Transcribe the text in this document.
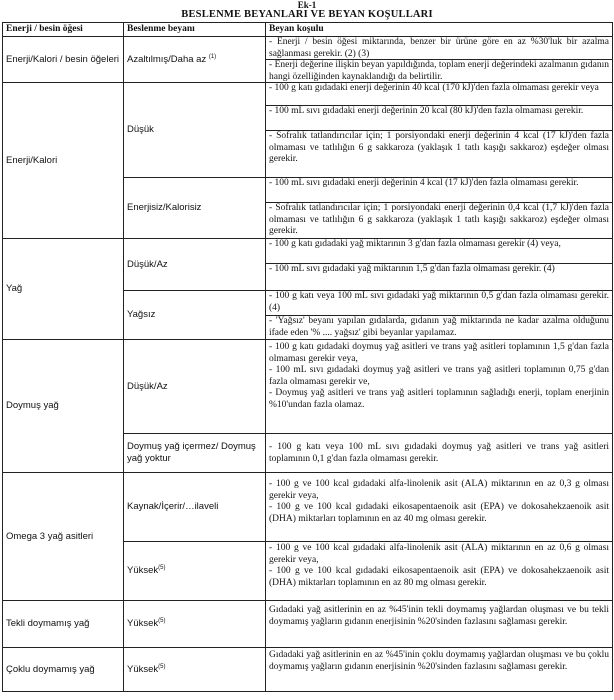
Ek-1
BESLENME BEYANLARI VE BEYAN KOŞULLARI
Enerji / besin öğesi	Beslenme beyanı	Beyan koşulu
Enerji/Kalori / besin öğeleri	Azaltılmış/Daha az $^{(1)}$	- Enerji / besin öğesi miktarında, benzer bir ürüne göre en az %30'luk bir azalma sağlanması gerekir. (2) (3)
- Enerji değerine ilişkin beyan yapıldığında, toplam enerji değerindeki azalmanın gıdanın hangi özelliğinden kaynaklandığı da belirtilir.

Enerji/Kalori	Düşük	- 100 g katı gıdadaki enerji değerinin 40 kcal (170 kJ)'den fazla olmaması gerekir veya
- 100 mL sıvı gıdadaki enerji değerinin 20 kcal (80 kJ)'den fazla olmaması gerekir.
- Sofralık tatlandırıcılar için; 1 porsiyondaki enerji değerinin 4 kcal (17 kJ)'den fazla olmaması ve tatlılığın 6 g sakkaroza (yaklaşık 1 tatlı kaşığı sakkaroz) eşdeğer olması gerekir.

	Enerjisiz/Kalorisiz	- 100 mL sıvı gıdadaki enerji değerinin 4 kcal (17 kJ)'den fazla olmaması gerekir.
- Sofralık tatlandırıcılar için; 1 porsiyondaki enerji değerinin 0,4 kcal (1,7 kJ)'den fazla olmaması ve tatlılığın 6 g sakkaroza (yaklaşık 1 tatlı kaşığı sakkaroz) eşdeğer olması gerekir.

Yağ	Düşük/Az	- 100 g katı gıdadaki yağ miktarının 3 g'dan fazla olmaması gerekir (4) veya,
- 100 mL sıvı gıdadaki yağ miktarının 1,5 g'dan fazla olmaması gerekir. (4)

	Yağsız	- 100 g katı veya 100 mL sıvı gıdadaki yağ miktarının 0,5 g'dan fazla olmaması gerekir. (4)
- 'Yağsız' beyanı yapılan gıdalarda, gıdanın yağ miktarında ne kadar azalma olduğunu ifade eden '% .... yağsız' gibi beyanlar yapılamaz.

Doymuş yağ	Düşük/Az	- 100 g katı gıdadaki doymuş yağ asitleri ve trans yağ asitleri toplamının 1,5 g'dan fazla olmaması gerekir veya,
- 100 mL sıvı gıdadaki doymuş yağ asitleri ve trans yağ asitleri toplamının 0,75 g'dan fazla olmaması gerekir ve,
- Doymuş yağ asitleri ve trans yağ asitleri toplamının sağladığı enerji, toplam enerjinin %10'undan fazla olamaz.

	Doymuş yağ içermez/ Doymuş yağ yoktur	- 100 g katı veya 100 mL sıvı gıdadaki doymuş yağ asitleri ve trans yağ asitleri toplamının 0,1 g'dan fazla olmaması gerekir.

Omega 3 yağ asitleri	Kaynak/İçerir/…ilaveli	- 100 g ve 100 kcal gıdadaki alfa-linolenik asit (ALA) miktarının en az 0,3 g olması gerekir veya,
- 100 g ve 100 kcal gıdadaki eikosapentaenoik asit (EPA) ve dokosahekzaenoik asit (DHA) miktarları toplamının en az 40 mg olması gerekir.

	Yüksek$^{(5)}$	- 100 g ve 100 kcal gıdadaki alfa-linolenik asit (ALA) miktarının en az 0,6 g olması gerekir veya,
- 100 g ve 100 kcal gıdadaki eikosapentaenoik asit (EPA) ve dokosahekzaenoik asit (DHA) miktarları toplamının en az 80 mg olması gerekir.

Tekli doymamış yağ	Yüksek$^{(5)}$	Gıdadaki yağ asitlerinin en az %45'inin tekli doymamış yağlardan oluşması ve bu tekli doymamış yağların gıdanın enerjisinin %20'sinden fazlasını sağlaması gerekir.

Çoklu doymamış yağ	Yüksek$^{(5)}$	Gıdadaki yağ asitlerinin en az %45'inin çoklu doymamış yağlardan oluşması ve bu çoklu doymamış yağların gıdanın enerjisinin %20'sinden fazlasını sağlaması gerekir.
